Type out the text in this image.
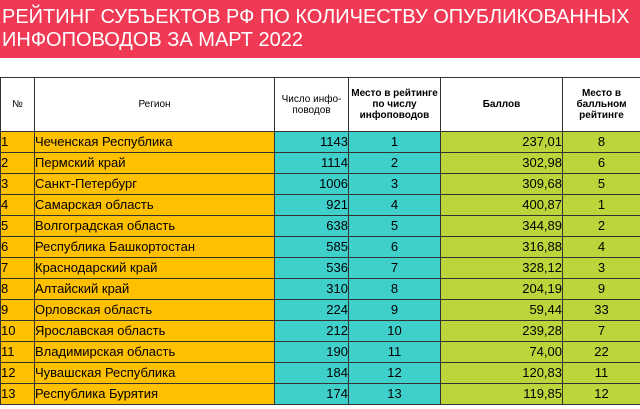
РЕЙТИНГ СУБЪЕКТОВ РФ ПО КОЛИЧЕСТВУ ОПУБЛИКОВАННЫХ
ИНФОПОВОДОВ ЗА МАРТ 2022
№	Регион	Число инфо-поводов	Место в рейтинге по числу инфоповодов	Баллов	Место в балльном рейтинге
1	Чеченская Республика	1143	1	237,01	8
2	Пермский край	1114	2	302,98	6
3	Санкт-Петербург	1006	3	309,68	5
4	Самарская область	921	4	400,87	1
5	Волгоградская область	638	5	344,89	2
6	Республика Башкортостан	585	6	316,88	4
7	Краснодарский край	536	7	328,12	3
8	Алтайский край	310	8	204,19	9
9	Орловская область	224	9	59,44	33
10	Ярославская область	212	10	239,28	7
11	Владимирская область	190	11	74,00	22
12	Чувашская Республика	184	12	120,83	11
13	Республика Бурятия	174	13	119,85	12
